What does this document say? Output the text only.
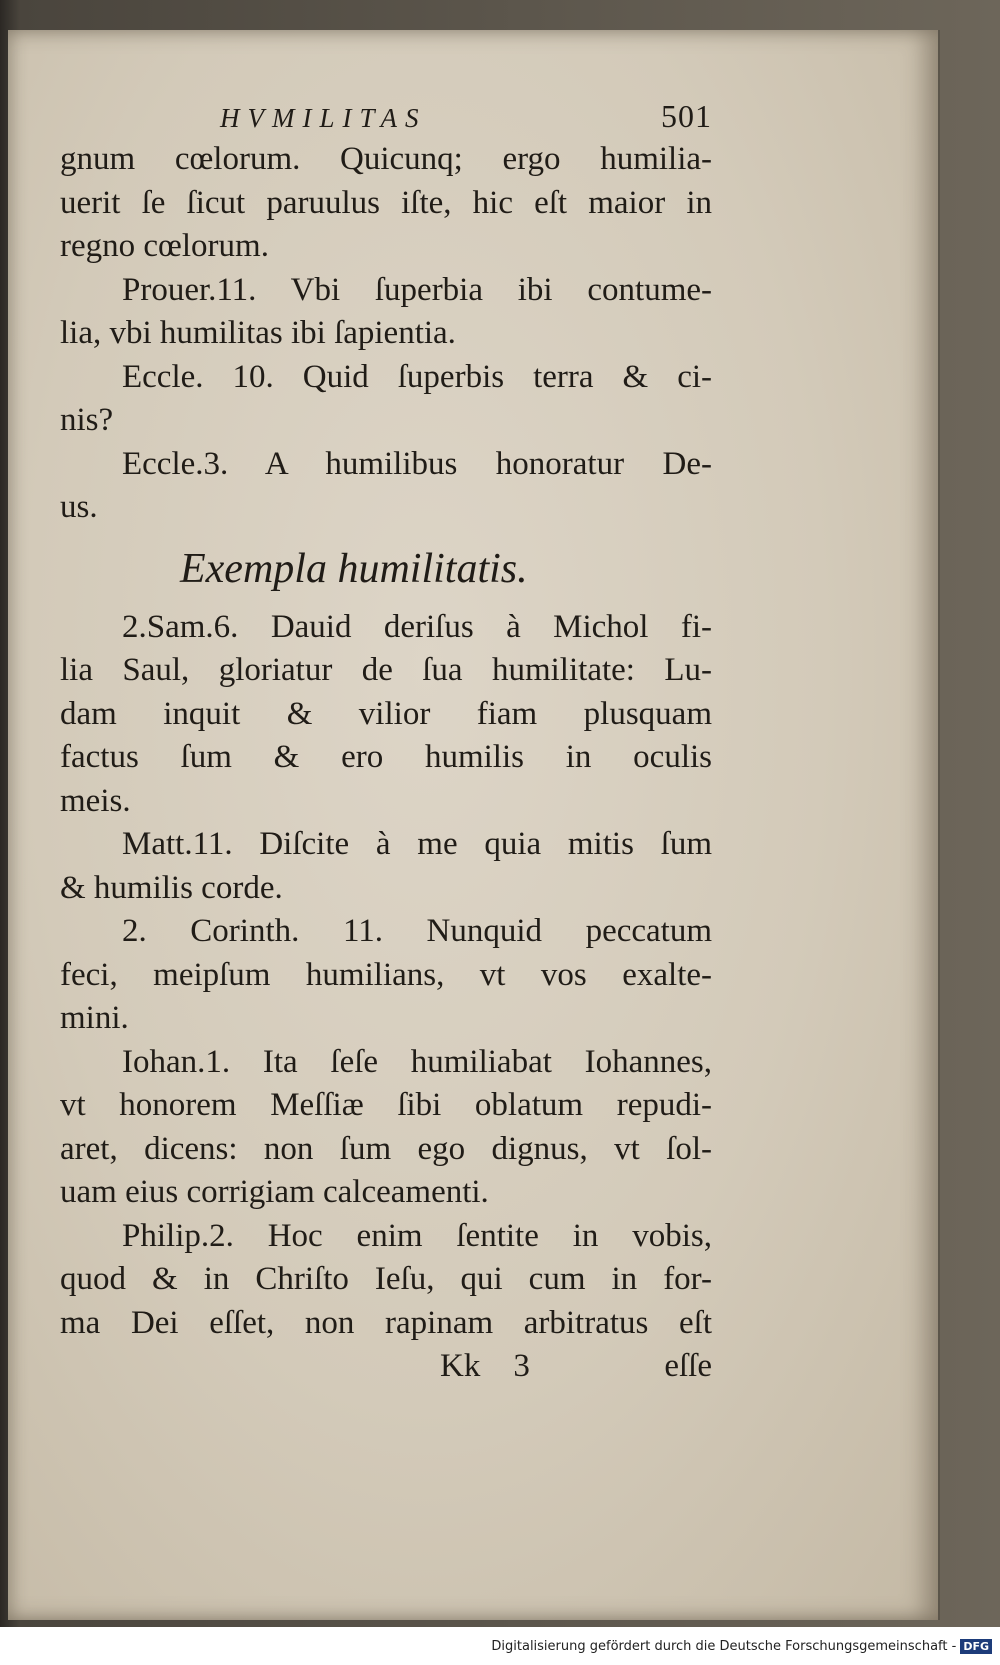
HVMILITAS	501
gnum cœlorum. Quicunq; ergo humilia-
uerit ſe ſicut paruulus iſte, hic eſt maior in
regno cœlorum.
Prouer.11. Vbi ſuperbia ibi contume-
lia, vbi humilitas ibi ſapientia.
Eccle. 10. Quid ſuperbis terra & ci-
nis?
Eccle.3. A humilibus honoratur De-
us.
Exempla humilitatis.
2.Sam.6. Dauid deriſus à Michol fi-
lia Saul, gloriatur de ſua humilitate: Lu-
dam inquit & vilior fiam plusquam
factus ſum & ero humilis in oculis
meis.
Matt.11. Diſcite à me quia mitis ſum
& humilis corde.
2. Corinth. 11. Nunquid peccatum
feci, meipſum humilians, vt vos exalte-
mini.
Iohan.1. Ita ſeſe humiliabat Iohannes,
vt honorem Meſſiæ ſibi oblatum repudi-
aret, dicens: non ſum ego dignus, vt ſol-
uam eius corrigiam calceamenti.
Philip.2. Hoc enim ſentite in vobis,
quod & in Chriſto Ieſu, qui cum in for-
ma Dei eſſet, non rapinam arbitratus eſt
Kk 3	eſſe
Digitalisierung gefördert durch die Deutsche Forschungsgemeinschaft - DFG
